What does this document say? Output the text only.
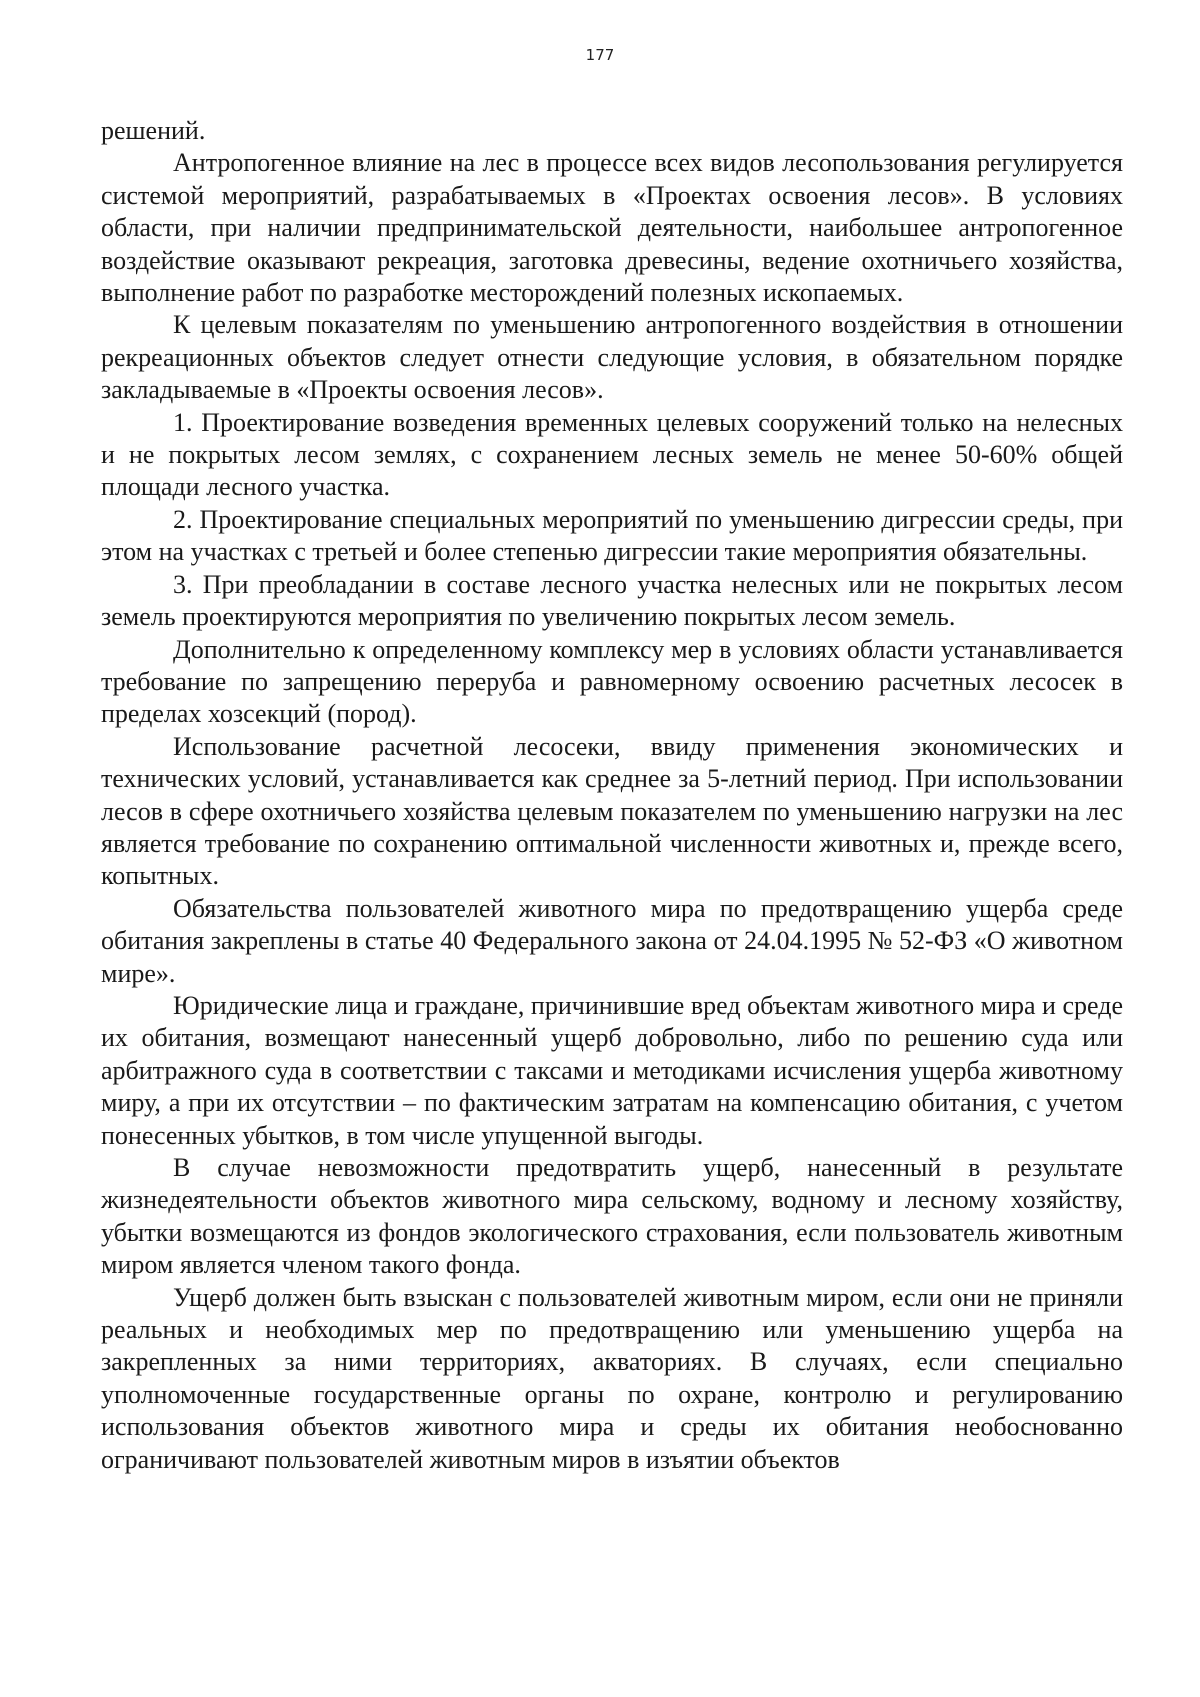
177

решений.

Антропогенное влияние на лес в процессе всех видов лесопользования регулируется системой мероприятий, разрабатываемых в «Проектах освоения лесов». В условиях области, при наличии предпринимательской деятельности, наибольшее антропогенное воздействие оказывают рекреация, заготовка древесины, ведение охотничьего хозяйства, выполнение работ по разработке месторождений полезных ископаемых.

К целевым показателям по уменьшению антропогенного воздействия в отношении рекреационных объектов следует отнести следующие условия, в обязательном порядке закладываемые в «Проекты освоения лесов».

1. Проектирование возведения временных целевых сооружений только на нелесных и не покрытых лесом землях, с сохранением лесных земель не менее 50-60% общей площади лесного участка.

2. Проектирование специальных мероприятий по уменьшению дигрессии среды, при этом на участках с третьей и более степенью дигрессии такие мероприятия обязательны.

3. При преобладании в составе лесного участка нелесных или не покрытых лесом земель проектируются мероприятия по увеличению покрытых лесом земель.

Дополнительно к определенному комплексу мер в условиях области устанавливается требование по запрещению переруба и равномерному освоению расчетных лесосек в пределах хозсекций (пород).

Использование расчетной лесосеки, ввиду применения экономических и технических условий, устанавливается как среднее за 5-летний период. При использовании лесов в сфере охотничьего хозяйства целевым показателем по уменьшению нагрузки на лес является требование по сохранению оптимальной численности животных и, прежде всего, копытных.

Обязательства пользователей животного мира по предотвращению ущерба среде обитания закреплены в статье 40 Федерального закона от 24.04.1995 № 52-ФЗ «О животном мире».

Юридические лица и граждане, причинившие вред объектам животного мира и среде их обитания, возмещают нанесенный ущерб добровольно, либо по решению суда или арбитражного суда в соответствии с таксами и методиками исчисления ущерба животному миру, а при их отсутствии – по фактическим затратам на компенсацию обитания, с учетом понесенных убытков, в том числе упущенной выгоды.

В случае невозможности предотвратить ущерб, нанесенный в результате жизнедеятельности объектов животного мира сельскому, водному и лесному хозяйству, убытки возмещаются из фондов экологического страхования, если пользователь животным миром является членом такого фонда.

Ущерб должен быть взыскан с пользователей животным миром, если они не приняли реальных и необходимых мер по предотвращению или уменьшению ущерба на закрепленных за ними территориях, акваториях. В случаях, если специально уполномоченные государственные органы по охране, контролю и регулированию использования объектов животного мира и среды их обитания необоснованно ограничивают пользователей животным миров в изъятии объектов
